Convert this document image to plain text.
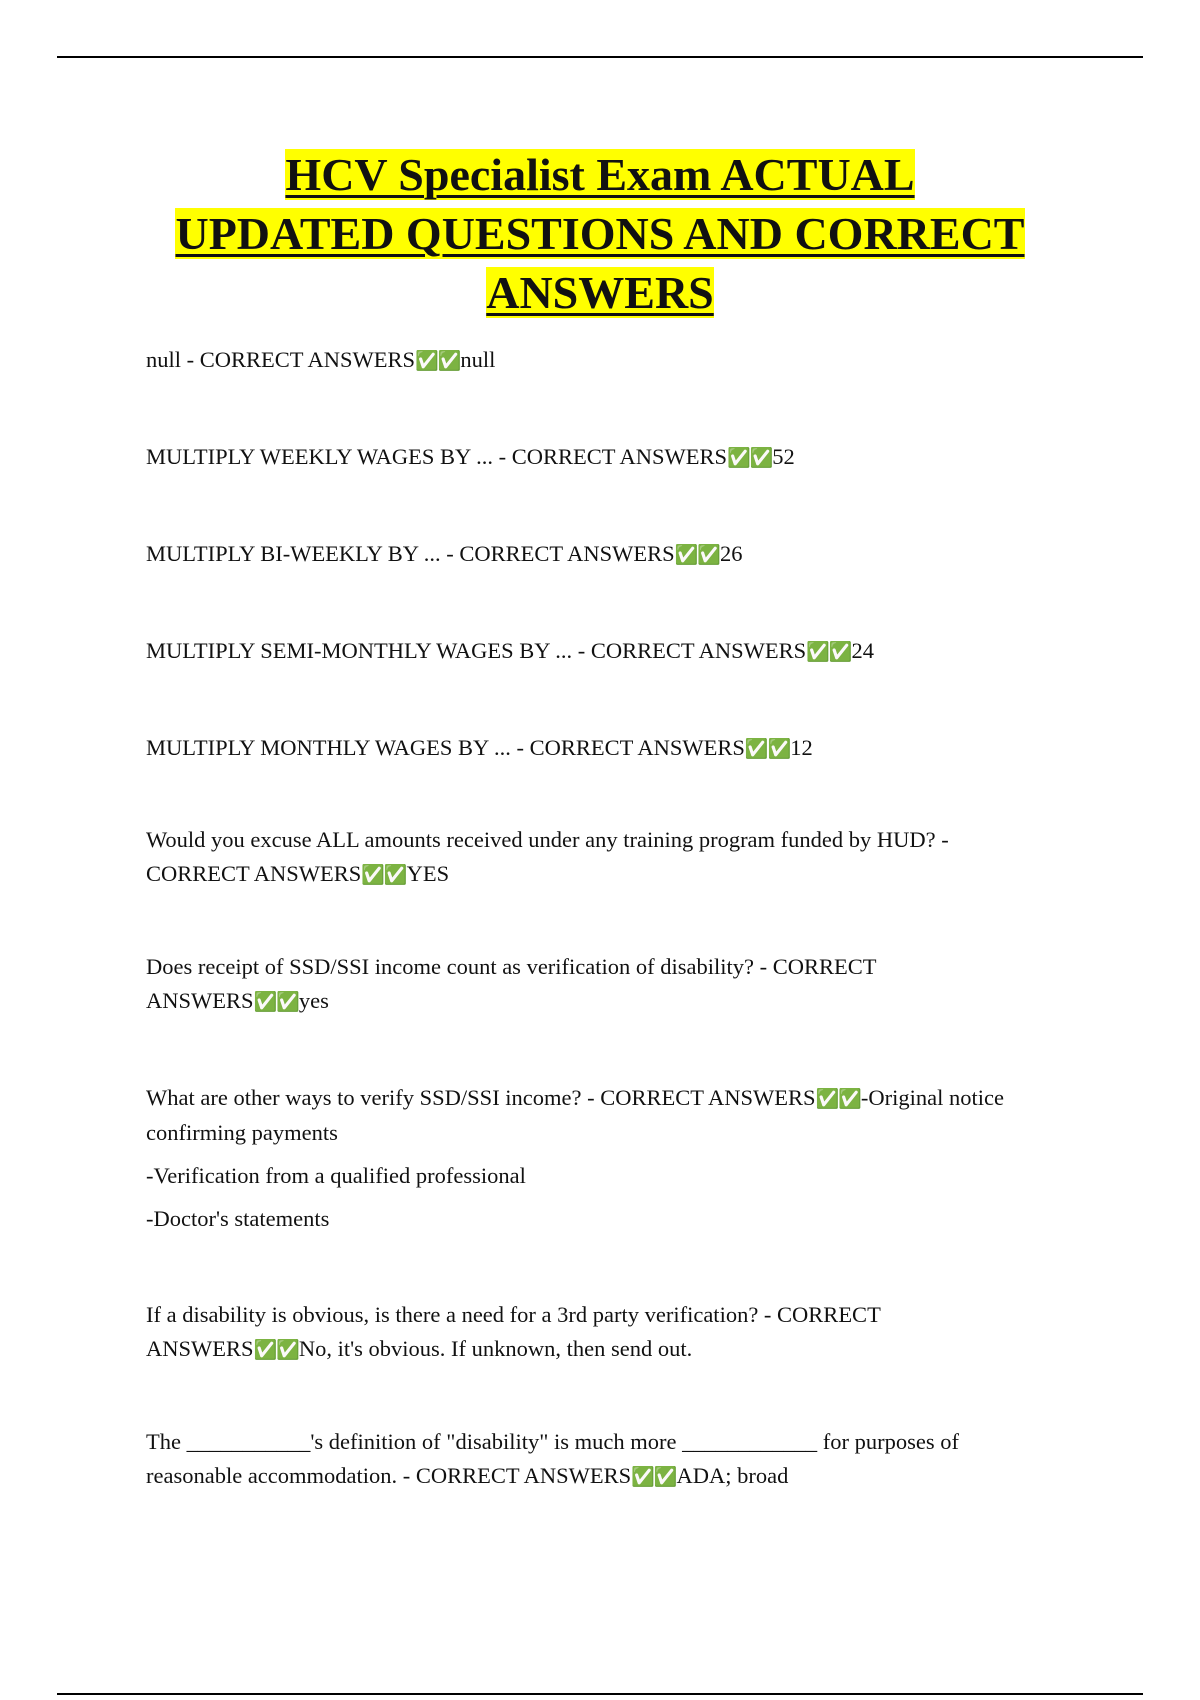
HCV Specialist Exam ACTUAL
UPDATED QUESTIONS AND CORRECT
ANSWERS

null - CORRECT ANSWERS✅✅null

MULTIPLY WEEKLY WAGES BY ... - CORRECT ANSWERS✅✅52

MULTIPLY BI-WEEKLY BY ... - CORRECT ANSWERS✅✅26

MULTIPLY SEMI-MONTHLY WAGES BY ... - CORRECT ANSWERS✅✅24

MULTIPLY MONTHLY WAGES BY ... - CORRECT ANSWERS✅✅12

Would you excuse ALL amounts received under any training program funded by HUD? - CORRECT ANSWERS✅✅YES

Does receipt of SSD/SSI income count as verification of disability? - CORRECT ANSWERS✅✅yes

What are other ways to verify SSD/SSI income? - CORRECT ANSWERS✅✅-Original notice confirming payments

-Verification from a qualified professional

-Doctor's statements

If a disability is obvious, is there a need for a 3rd party verification? - CORRECT ANSWERS✅✅No, it's obvious. If unknown, then send out.

The ___________'s definition of "disability" is much more ____________ for purposes of reasonable accommodation. - CORRECT ANSWERS✅✅ADA; broad
